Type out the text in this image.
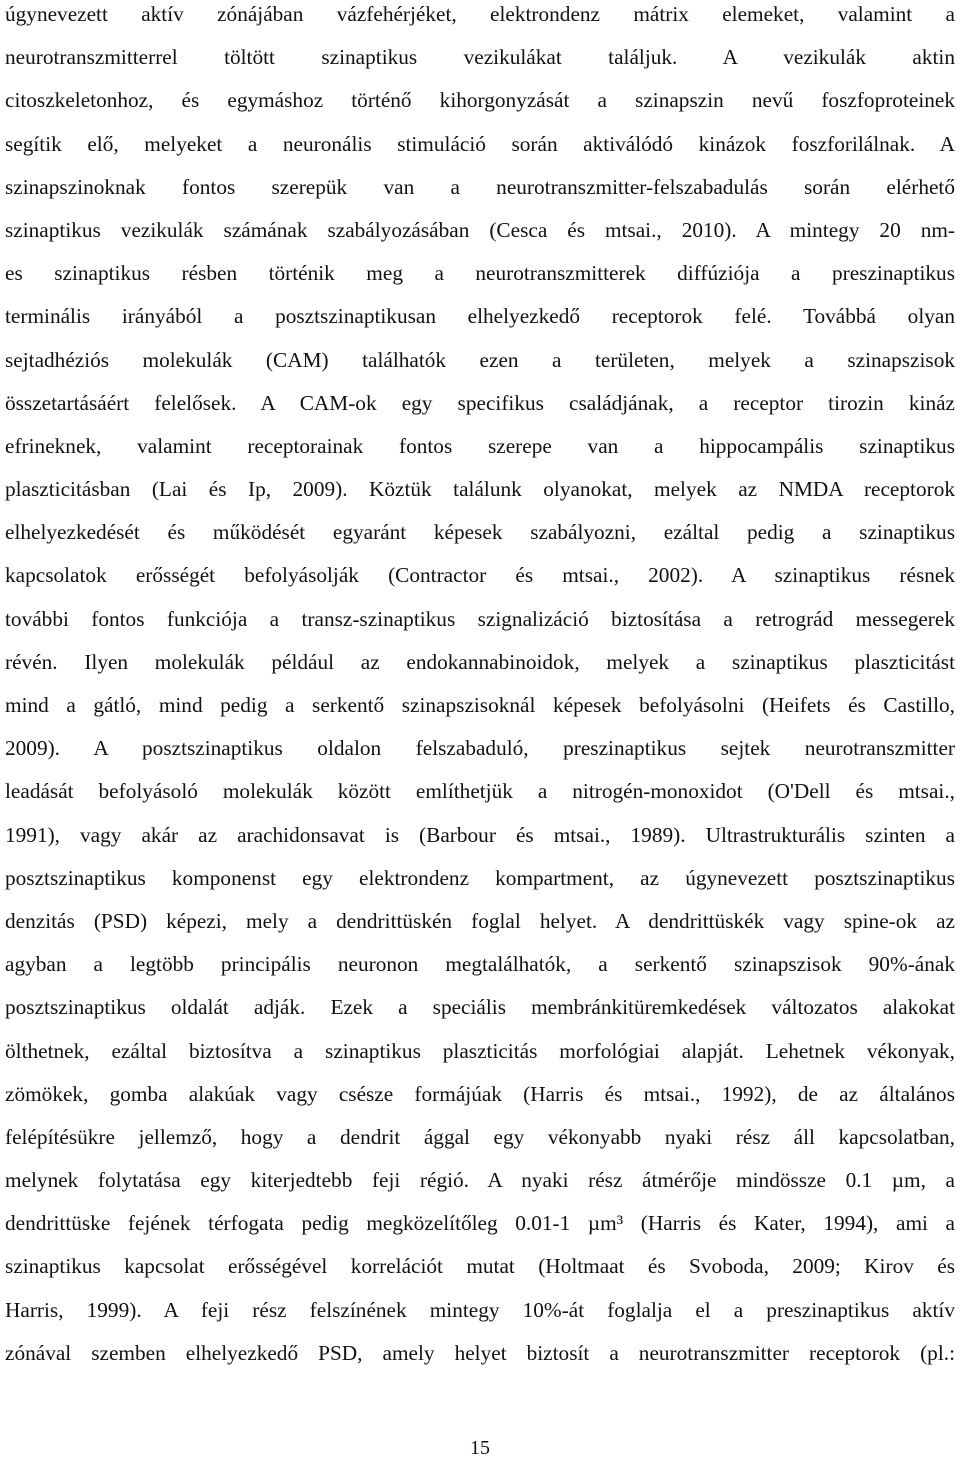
úgynevezett aktív zónájában vázfehérjéket, elektrondenz mátrix elemeket, valamint a
neurotranszmitterrel töltött szinaptikus vezikulákat találjuk. A vezikulák aktin
citoszkeletonhoz, és egymáshoz történő kihorgonyzását a szinapszin nevű foszfoproteinek
segítik elő, melyeket a neuronális stimuláció során aktiválódó kinázok foszforilálnak. A
szinapszinoknak fontos szerepük van a neurotranszmitter-felszabadulás során elérhető
szinaptikus vezikulák számának szabályozásában (Cesca és mtsai., 2010). A mintegy 20 nm-
es szinaptikus résben történik meg a neurotranszmitterek diffúziója a preszinaptikus
terminális irányából a posztszinaptikusan elhelyezkedő receptorok felé. Továbbá olyan
sejtadhéziós molekulák (CAM) találhatók ezen a területen, melyek a szinapszisok
összetartásáért felelősek. A CAM-ok egy specifikus családjának, a receptor tirozin kináz
efrineknek, valamint receptorainak fontos szerepe van a hippocampális szinaptikus
plaszticitásban (Lai és Ip, 2009). Köztük találunk olyanokat, melyek az NMDA receptorok
elhelyezkedését és működését egyaránt képesek szabályozni, ezáltal pedig a szinaptikus
kapcsolatok erősségét befolyásolják (Contractor és mtsai., 2002). A szinaptikus résnek
további fontos funkciója a transz-szinaptikus szignalizáció biztosítása a retrográd messegerek
révén. Ilyen molekulák például az endokannabinoidok, melyek a szinaptikus plaszticitást
mind a gátló, mind pedig a serkentő szinapszisoknál képesek befolyásolni (Heifets és Castillo,
2009). A posztszinaptikus oldalon felszabaduló, preszinaptikus sejtek neurotranszmitter
leadását befolyásoló molekulák között említhetjük a nitrogén-monoxidot (O'Dell és mtsai.,
1991), vagy akár az arachidonsavat is (Barbour és mtsai., 1989). Ultrastrukturális szinten a
posztszinaptikus komponenst egy elektrondenz kompartment, az úgynevezett posztszinaptikus
denzitás (PSD) képezi, mely a dendrittüskén foglal helyet. A dendrittüskék vagy spine-ok az
agyban a legtöbb principális neuronon megtalálhatók, a serkentő szinapszisok 90%-ának
posztszinaptikus oldalát adják. Ezek a speciális membránkitüremkedések változatos alakokat
ölthetnek, ezáltal biztosítva a szinaptikus plaszticitás morfológiai alapját. Lehetnek vékonyak,
zömökek, gomba alakúak vagy csésze formájúak (Harris és mtsai., 1992), de az általános
felépítésükre jellemző, hogy a dendrit ággal egy vékonyabb nyaki rész áll kapcsolatban,
melynek folytatása egy kiterjedtebb feji régió. A nyaki rész átmérője mindössze 0.1 µm, a
dendrittüske fejének térfogata pedig megközelítőleg 0.01-1 µm³ (Harris és Kater, 1994), ami a
szinaptikus kapcsolat erősségével korrelációt mutat (Holtmaat és Svoboda, 2009; Kirov és
Harris, 1999). A feji rész felszínének mintegy 10%-át foglalja el a preszinaptikus aktív
zónával szemben elhelyezkedő PSD, amely helyet biztosít a neurotranszmitter receptorok (pl.:
15
